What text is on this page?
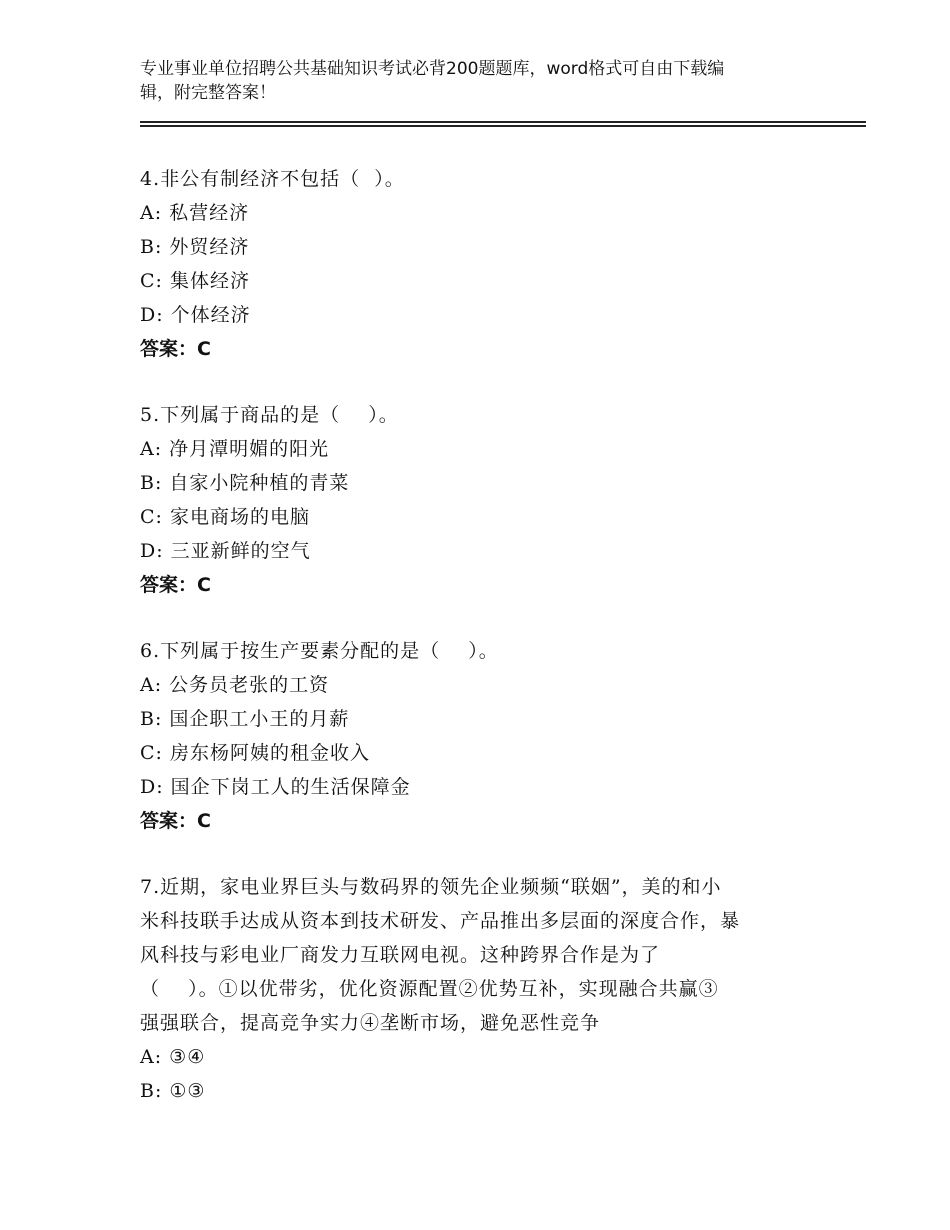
专业事业单位招聘公共基础知识考试必背200题题库，word格式可自由下载编
辑，附完整答案！
4.非公有制经济不包括（  ）。
A: 私营经济
B: 外贸经济
C: 集体经济
D: 个体经济
答案：C
5.下列属于商品的是（    ）。
A: 净月潭明媚的阳光
B: 自家小院种植的青菜
C: 家电商场的电脑
D: 三亚新鲜的空气
答案：C
6.下列属于按生产要素分配的是（    ）。
A: 公务员老张的工资
B: 国企职工小王的月薪
C: 房东杨阿姨的租金收入
D: 国企下岗工人的生活保障金
答案：C
7.近期，家电业界巨头与数码界的领先企业频频“联姻”，美的和小
米科技联手达成从资本到技术研发、产品推出多层面的深度合作，暴
风科技与彩电业厂商发力互联网电视。这种跨界合作是为了
（    ）。①以优带劣，优化资源配置②优势互补，实现融合共赢③
强强联合，提高竞争实力④垄断市场，避免恶性竞争
A: ③④
B: ①③
